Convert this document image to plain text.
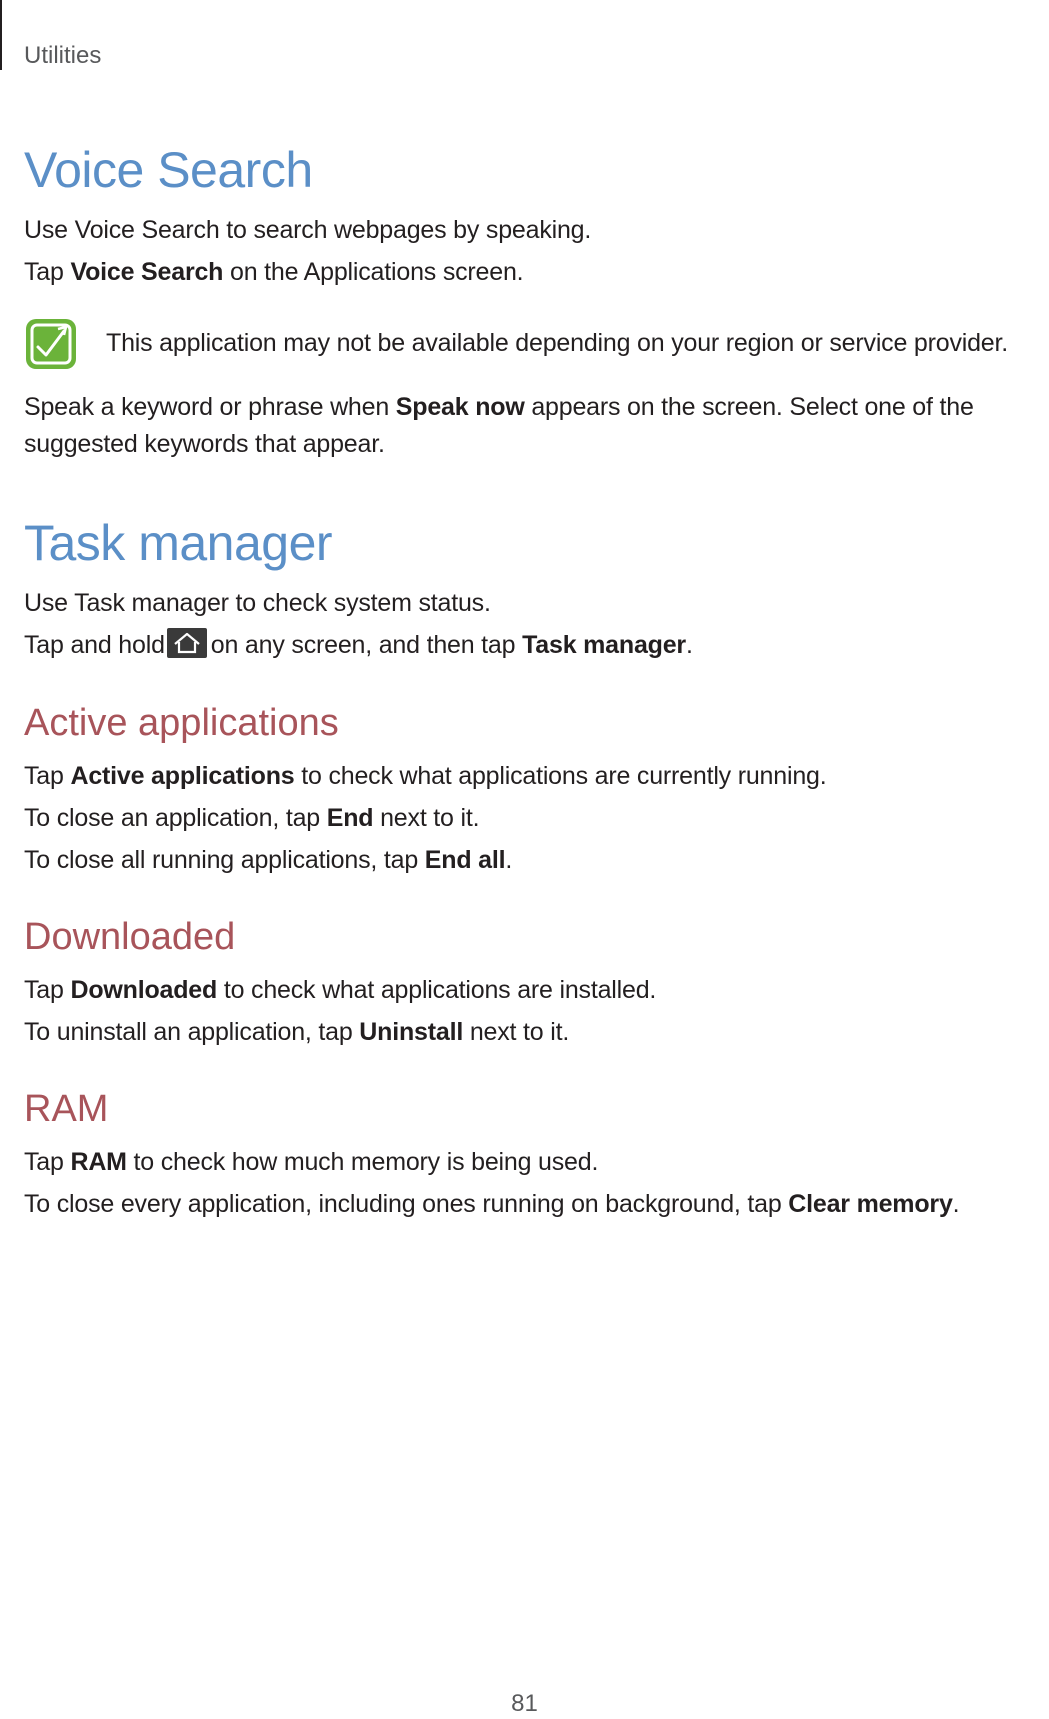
Utilities
Voice Search

Use Voice Search to search webpages by speaking.

Tap Voice Search on the Applications screen.

This application may not be available depending on your region or service provider.

Speak a keyword or phrase when Speak now appears on the screen. Select one of the suggested keywords that appear.

Task manager

Use Task manager to check system status.

Tap and hold on any screen, and then tap Task manager.

Active applications

Tap Active applications to check what applications are currently running.

To close an application, tap End next to it.

To close all running applications, tap End all.

Downloaded

Tap Downloaded to check what applications are installed.

To uninstall an application, tap Uninstall next to it.

RAM

Tap RAM to check how much memory is being used.

To close every application, including ones running on background, tap Clear memory.

81
